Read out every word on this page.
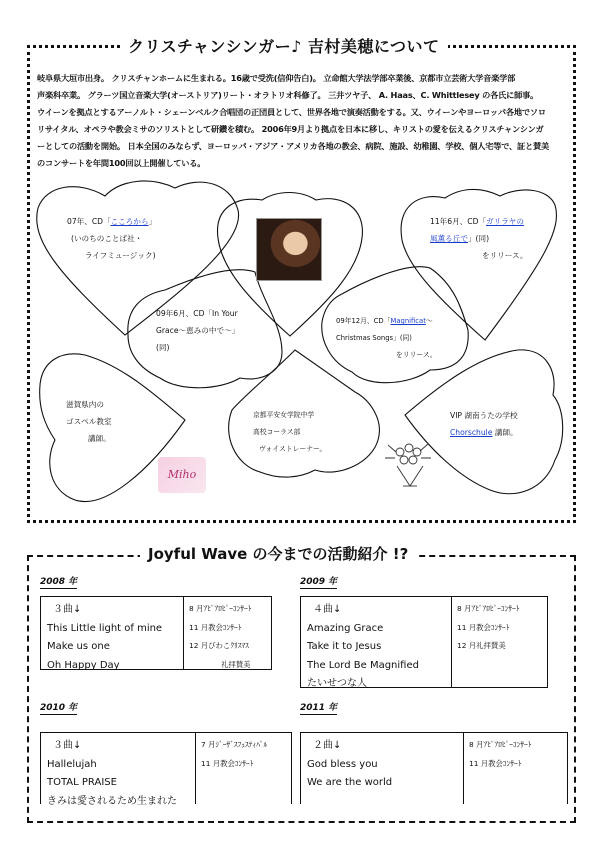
クリスチャンシンガー♪ 吉村美穂について

岐阜県大垣市出身。 クリスチャンホームに生まれる。16歳で受洗(信仰告白)。 立命館大学法学部卒業後、京都市立芸術大学音楽学部

声楽科卒業。 グラーツ国立音楽大学(オーストリア)リート・オラトリオ科修了。 三井ツヤ子、 A. Haas、C. Whittlesey の各氏に師事。

ウイーンを拠点とするアーノルト・シェーンベルク合唱団の正団員として、世界各地で演奏活動をする。又、ウイーンやヨーロッパ各地でソロ

リサイタル、オペラや教会ミサのソリストとして研鑽を積む。 2006年9月より拠点を日本に移し、キリストの愛を伝えるクリスチャンシンガ

ーとしての活動を開始。 日本全国のみならず、ヨーロッパ・アジア・アメリカ各地の教会、病院、施設、幼稚園、学校、個人宅等で、証と賛美

のコンサートを年間100回以上開催している。

Miho
07年、CD「こころから」
(いのちのことば社・
ライフミュージック)
11年6月、CD「ガリラヤの
風薫る丘で」(同)
をリリース。
09年6月、CD「In Your
Grace～恵みの中で～」
(同)
09年12月、CD「Magnificat～
Christmas Songs」(同)
をリリース。
滋賀県内の
ゴスペル教室
講師。
京都平安女学院中学
高校コーラス部
ヴォイストレーナー。
VIP 湖南うたの学校
Chorschule 講師。
Joyful Wave の今までの活動紹介 !?
2008 年
３曲↓
This Little light of mine
Make us one
Oh Happy Day
8 月ｱﾋﾟｱﾛﾋﾟｰｺﾝｻｰﾄ
11 月教会ｺﾝｻｰﾄ
12 月びわこｸﾘｽﾏｽ
礼拝賛美
2009 年
４曲↓
Amazing Grace
Take it to Jesus
The Lord Be Magnified
たいせつな人
8 月ｱﾋﾟｱﾛﾋﾟｰｺﾝｻｰﾄ
11 月教会ｺﾝｻｰﾄ
12 月礼拝賛美
2010 年
３曲↓
Hallelujah
TOTAL PRAISE
きみは愛されるため生まれた
7 月ｼﾞｰｻﾞｽﾌｪｽﾃｨﾊﾞﾙ
11 月教会ｺﾝｻｰﾄ
2011 年
２曲↓
God bless you
We are the world
8 月ｱﾋﾟｱﾛﾋﾟｰｺﾝｻｰﾄ
11 月教会ｺﾝｻｰﾄ
